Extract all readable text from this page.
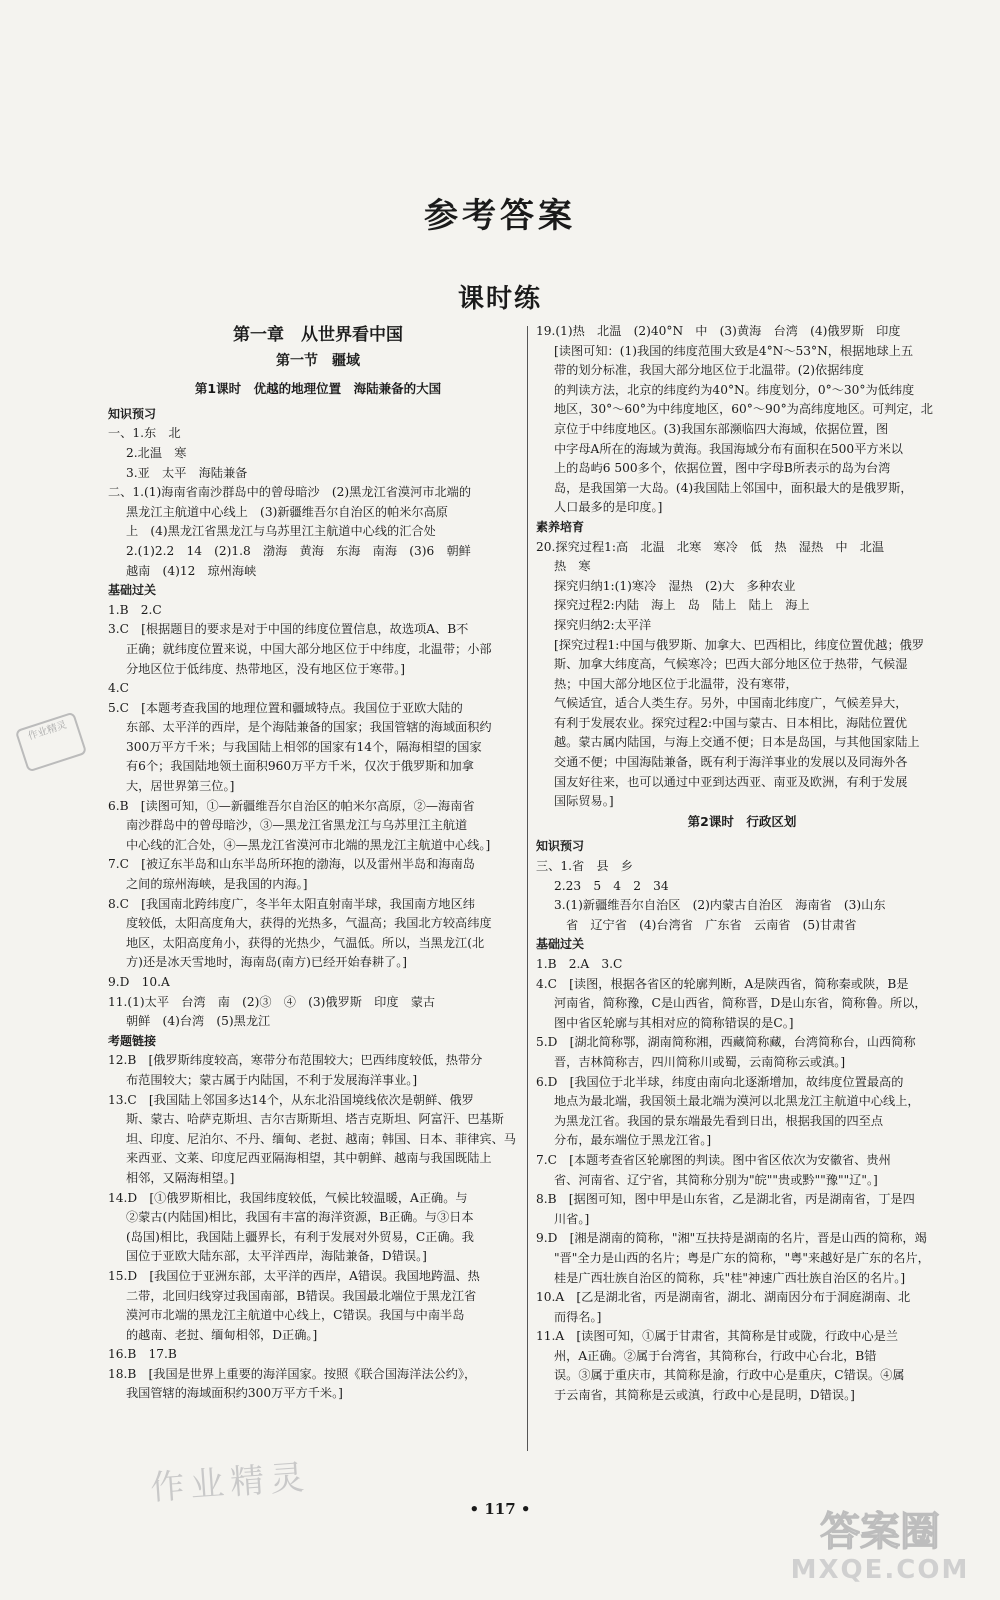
参考答案
课时练
第一章　从世界看中国
第一节　疆域
第1课时　优越的地理位置　海陆兼备的大国
知识预习
一、1.东　北
2.北温　寒
3.亚　太平　海陆兼备
二、1.(1)海南省南沙群岛中的曾母暗沙　(2)黑龙江省漠河市北端的
黑龙江主航道中心线上　(3)新疆维吾尔自治区的帕米尔高原
上　(4)黑龙江省黑龙江与乌苏里江主航道中心线的汇合处
2.(1)2.2　14　(2)1.8　渤海　黄海　东海　南海　(3)6　朝鲜
越南　(4)12　琼州海峡
基础过关
1.B　2.C
3.C　[根据题目的要求是对于中国的纬度位置信息，故选项A、B不
正确；就纬度位置来说，中国大部分地区位于中纬度，北温带；小部
分地区位于低纬度、热带地区，没有地区位于寒带。]
4.C
5.C　[本题考查我国的地理位置和疆域特点。我国位于亚欧大陆的
东部、太平洋的西岸，是个海陆兼备的国家；我国管辖的海域面积约
300万平方千米；与我国陆上相邻的国家有14个，隔海相望的国家
有6个；我国陆地领土面积960万平方千米，仅次于俄罗斯和加拿
大，居世界第三位。]
6.B　[读图可知，①—新疆维吾尔自治区的帕米尔高原，②—海南省
南沙群岛中的曾母暗沙，③—黑龙江省黑龙江与乌苏里江主航道
中心线的汇合处，④—黑龙江省漠河市北端的黑龙江主航道中心线。]
7.C　[被辽东半岛和山东半岛所环抱的渤海，以及雷州半岛和海南岛
之间的琼州海峡，是我国的内海。]
8.C　[我国南北跨纬度广，冬半年太阳直射南半球，我国南方地区纬
度较低，太阳高度角大，获得的光热多，气温高；我国北方较高纬度
地区，太阳高度角小，获得的光热少，气温低。所以，当黑龙江(北
方)还是冰天雪地时，海南岛(南方)已经开始春耕了。]
9.D　10.A
11.(1)太平　台湾　南　(2)③　④　(3)俄罗斯　印度　蒙古
朝鲜　(4)台湾　(5)黑龙江
考题链接
12.B　[俄罗斯纬度较高，寒带分布范围较大；巴西纬度较低，热带分
布范围较大；蒙古属于内陆国，不利于发展海洋事业。]
13.C　[我国陆上邻国多达14个，从东北沿国境线依次是朝鲜、俄罗
斯、蒙古、哈萨克斯坦、吉尔吉斯斯坦、塔吉克斯坦、阿富汗、巴基斯
坦、印度、尼泊尔、不丹、缅甸、老挝、越南；韩国、日本、菲律宾、马
来西亚、文莱、印度尼西亚隔海相望，其中朝鲜、越南与我国既陆上
相邻，又隔海相望。]
14.D　[①俄罗斯相比，我国纬度较低，气候比较温暖，A正确。与
②蒙古(内陆国)相比，我国有丰富的海洋资源，B正确。与③日本
(岛国)相比，我国陆上疆界长，有利于发展对外贸易，C正确。我
国位于亚欧大陆东部，太平洋西岸，海陆兼备，D错误。]
15.D　[我国位于亚洲东部，太平洋的西岸，A错误。我国地跨温、热
二带，北回归线穿过我国南部，B错误。我国最北端位于黑龙江省
漠河市北端的黑龙江主航道中心线上，C错误。我国与中南半岛
的越南、老挝、缅甸相邻，D正确。]
16.B　17.B
18.B　[我国是世界上重要的海洋国家。按照《联合国海洋法公约》，
我国管辖的海域面积约300万平方千米。]
19.(1)热　北温　(2)40°N　中　(3)黄海　台湾　(4)俄罗斯　印度
[读图可知：(1)我国的纬度范围大致是4°N～53°N，根据地球上五
带的划分标准，我国大部分地区位于北温带。(2)依据纬度
的判读方法，北京的纬度约为40°N。纬度划分，0°～30°为低纬度
地区，30°～60°为中纬度地区，60°～90°为高纬度地区。可判定，北
京位于中纬度地区。(3)我国东部濒临四大海域，依据位置，图
中字母A所在的海域为黄海。我国海域分布有面积在500平方米以
上的岛屿6 500多个，依据位置，图中字母B所表示的岛为台湾
岛，是我国第一大岛。(4)我国陆上邻国中，面积最大的是俄罗斯，
人口最多的是印度。]
素养培育
20.探究过程1:高　北温　北寒　寒冷　低　热　湿热　中　北温
热　寒
探究归纳1:(1)寒冷　湿热　(2)大　多种农业
探究过程2:内陆　海上　岛　陆上　陆上　海上
探究归纳2:太平洋
[探究过程1:中国与俄罗斯、加拿大、巴西相比，纬度位置优越；俄罗
斯、加拿大纬度高，气候寒冷；巴西大部分地区位于热带，气候湿
热；中国大部分地区位于北温带，没有寒带，
气候适宜，适合人类生存。另外，中国南北纬度广，气候差异大，
有利于发展农业。探究过程2:中国与蒙古、日本相比，海陆位置优
越。蒙古属内陆国，与海上交通不便；日本是岛国，与其他国家陆上
交通不便；中国海陆兼备，既有利于海洋事业的发展以及同海外各
国友好往来，也可以通过中亚到达西亚、南亚及欧洲，有利于发展
国际贸易。]
第2课时　行政区划
知识预习
三、1.省　县　乡
2.23　5　4　2　34
3.(1)新疆维吾尔自治区　(2)内蒙古自治区　海南省　(3)山东
省　辽宁省　(4)台湾省　广东省　云南省　(5)甘肃省
基础过关
1.B　2.A　3.C
4.C　[读图，根据各省区的轮廓判断，A是陕西省，简称秦或陕，B是
河南省，简称豫，C是山西省，简称晋，D是山东省，简称鲁。所以，
图中省区轮廓与其相对应的简称错误的是C。]
5.D　[湖北简称鄂，湖南简称湘，西藏简称藏，台湾简称台，山西简称
晋，吉林简称吉，四川简称川或蜀，云南简称云或滇。]
6.D　[我国位于北半球，纬度由南向北逐渐增加，故纬度位置最高的
地点为最北端，我国领土最北端为漠河以北黑龙江主航道中心线上，
为黑龙江省。我国的景东端最先看到日出，根据我国的四至点
分布，最东端位于黑龙江省。]
7.C　[本题考查省区轮廓图的判读。图中省区依次为安徽省、贵州
省、河南省、辽宁省，其简称分别为"皖""贵或黔""豫""辽"。]
8.B　[据图可知，图中甲是山东省，乙是湖北省，丙是湖南省，丁是四
川省。]
9.D　[湘是湖南的简称，"湘"互扶持是湖南的名片，晋是山西的简称，竭
"晋"全力是山西的名片；粤是广东的简称，"粤"来越好是广东的名片，
桂是广西壮族自治区的简称，兵"桂"神速广西壮族自治区的名片。]
10.A　[乙是湖北省，丙是湖南省，湖北、湖南因分布于洞庭湖南、北
而得名。]
11.A　[读图可知，①属于甘肃省，其简称是甘或陇，行政中心是兰
州，A正确。②属于台湾省，其简称台，行政中心台北，B错
误。③属于重庆市，其简称是渝，行政中心是重庆，C错误。④属
于云南省，其简称是云或滇，行政中心是昆明，D错误。]
作业精灵
作业精灵
• 117 •	答案圈
MXQE.COM
